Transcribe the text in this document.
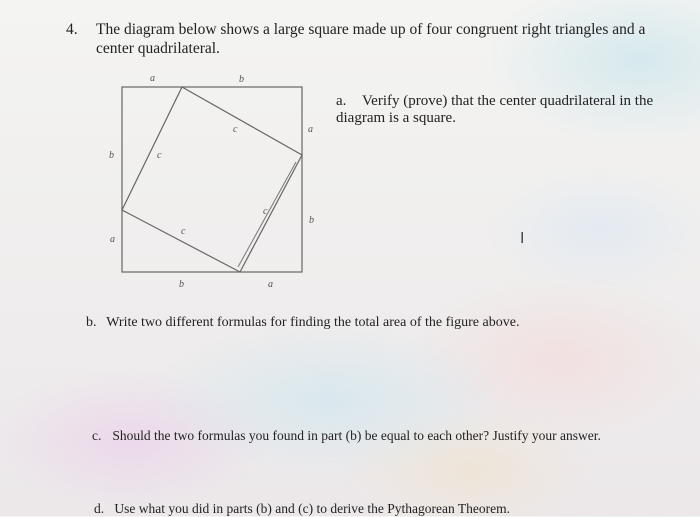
4. The diagram below shows a large square made up of four congruent right triangles and a center quadrilateral.
a	b
a
b
b	a
b
a
c
c
c
c
a.	Verify (prove) that the center quadrilateral in the diagram is a square.
I
b. Write two different formulas for finding the total area of the figure above.
c. Should the two formulas you found in part (b) be equal to each other? Justify your answer.
d. Use what you did in parts (b) and (c) to derive the Pythagorean Theorem.
